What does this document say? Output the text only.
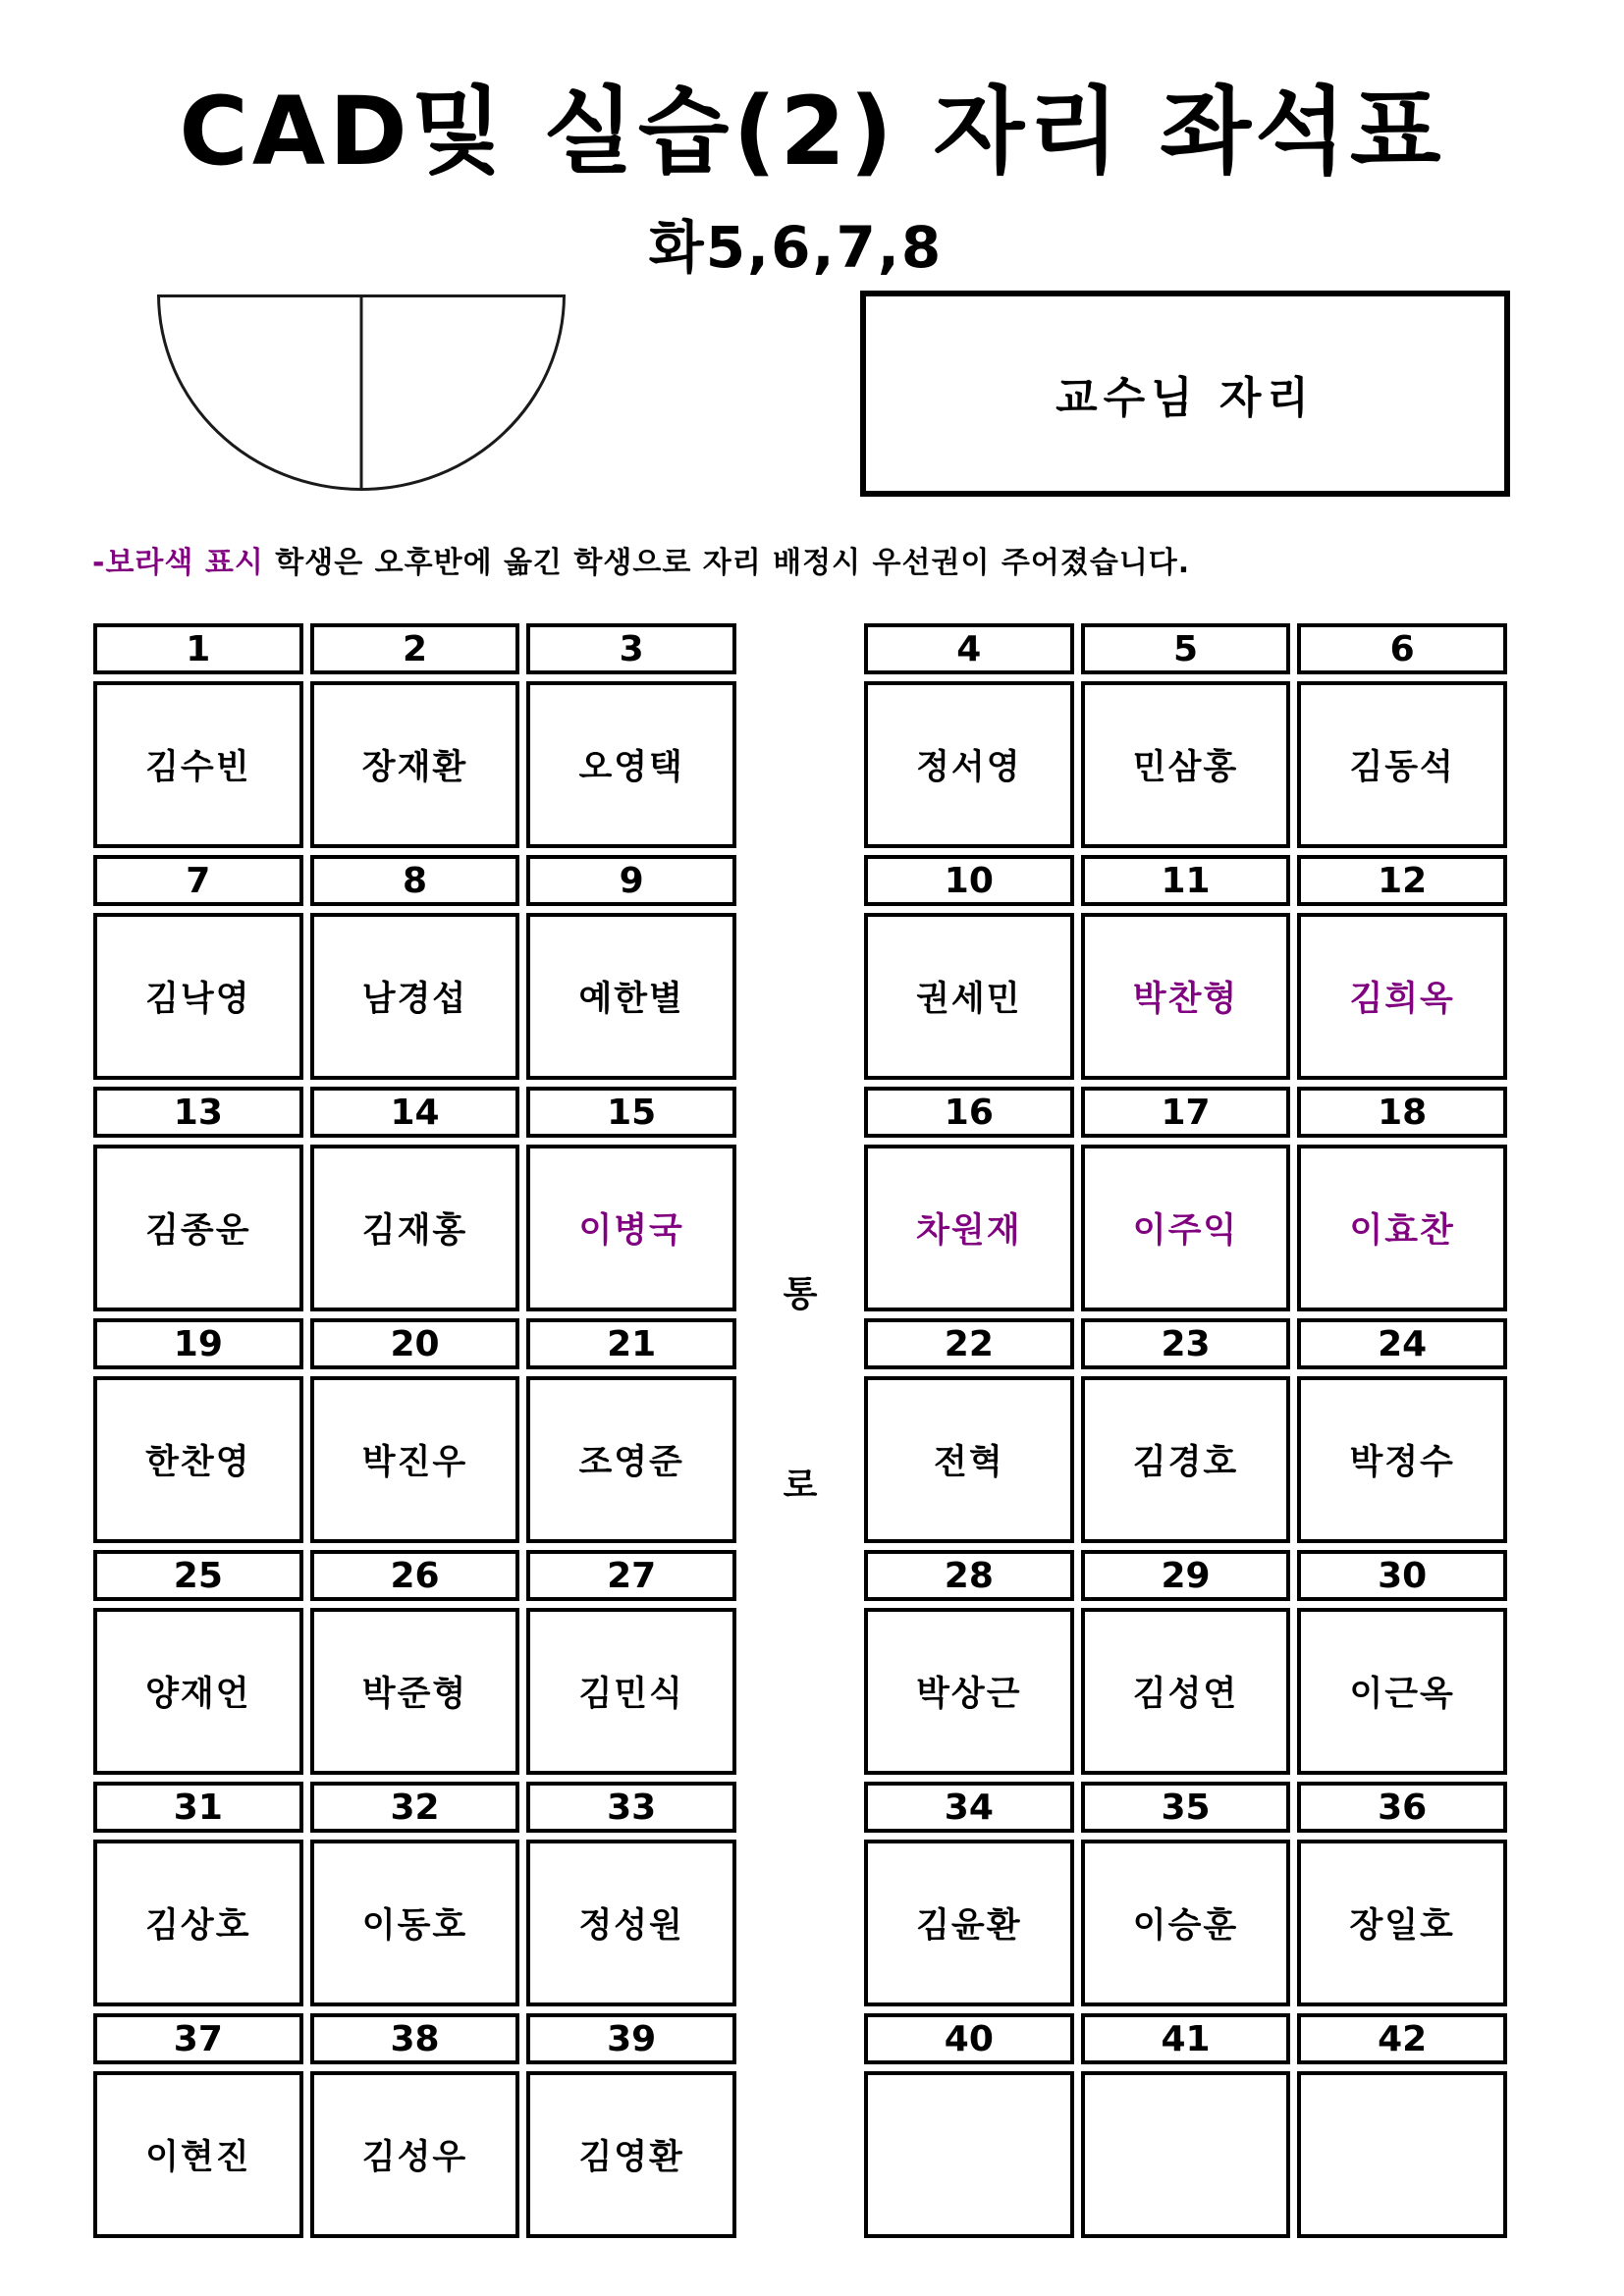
CAD및 실습(2) 자리 좌석표
화5,6,7,8
교수님 자리
-보라색 표시 학생은 오후반에 옮긴 학생으로 자리 배정시 우선권이 주어졌습니다.
1	2	3
김수빈	장재환	오영택
7	8	9
김낙영	남경섭	예한별
13	14	15
김종운	김재홍	이병국
19	20	21
한찬영	박진우	조영준
25	26	27
양재언	박준형	김민식
31	32	33
김상호	이동호	정성원
37	38	39
이현진	김성우	김영환
통
로
4	5	6
정서영	민삼홍	김동석
10	11	12
권세민	박찬형	김희옥
16	17	18
차원재	이주익	이효찬
22	23	24
전혁	김경호	박정수
28	29	30
박상근	김성연	이근옥
34	35	36
김윤환	이승훈	장일호
40	41	42
